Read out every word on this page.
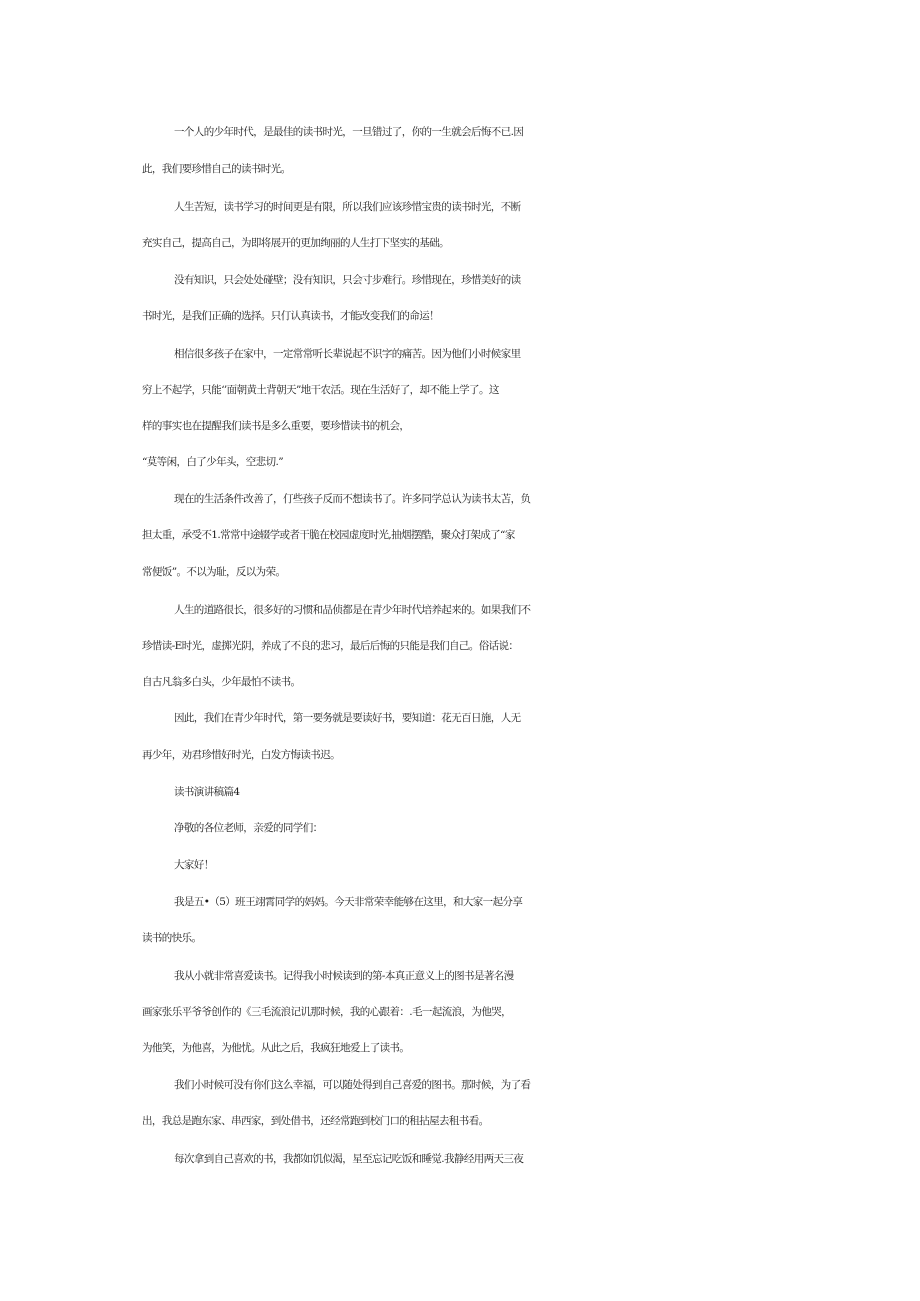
一个人的少年时代，是最佳的读书时光，一旦错过了，你的一生就会后悔不已.因
此，我们要珍惜自己的读书时光。
人生苦短，读书学习的时间更是有限，所以我们应该珍惜宝贵的读书时光，不断
充实自己，提高自己，为即将展开的更加绚丽的人生打下坚实的基础。
没有知识，只会处处碰壁；没有知识，只会寸步难行。珍惜现在，珍惜美好的读
书时光，是我们正确的选择。只仃认真读书，才能改变我们的命运！
相信很多孩子在家中，一定常常听长辈说起不识字的痛苦。因为他们小时候家里
穷上不起学，只能‘’面朝黄土背朝天”地干农活。现在生活好了，却不能上学了。这
样的事实也在提醒我们读书是多么重要，要珍惜读书的机会，
“莫等闲，白了少年头，空悲切.”
现在的生活条件改善了，仃些孩子反而不想读书了。许多同学总认为读书太苫，负
担太重，承受不1.常常中途辍学或者干脆在校园虚度时光,抽烟摆酷，聚众打架成了“家
常便饭”。不以为耻，反以为荣。
人生的道路很长，很多好的习惯和品侦都是在青少年时代培养起来的。如果我们不
珍惜读-E时光，虚掷光阴，养成了不良的悲习，最后后悔的只能是我们自己。俗话说：
自古凡翁多白头，少年最怕不读书。
因此，我们在青少年时代，第一要务就是要读好书，要知道：花无百日施，人无
再少年，劝君珍惜好时光，白发方悔读书迟。
读书演讲稿篇4
净敬的各位老师，亲爱的同学们：
大家好！
我是五•（5）班王翊霄同学的妈妈。今天非常荣幸能够在这里，和大家一起分享
读书的快乐。
我从小就非常喜爱读书。记得我小时候读到的第-本真正意义上的图书是著名漫
画家张乐平爷爷创作的《三毛流浪记讥那时候，我的心跟着：.毛一起流浪，为他哭，
为他笑，为他喜，为他忧。从此之后，我疯狂地爱上了读书。
我们小时候可没有你们这么幸福，可以随处得到自己喜爱的图书。那时候，为了看
出，我总是跑东家、串西家，到处借书，还经常跑到校门口的租拈屋去租书看。
每次拿到自己喜欢的书，我都如饥似渴，星至忘记吃饭和睡觉.我静经用两天三夜
